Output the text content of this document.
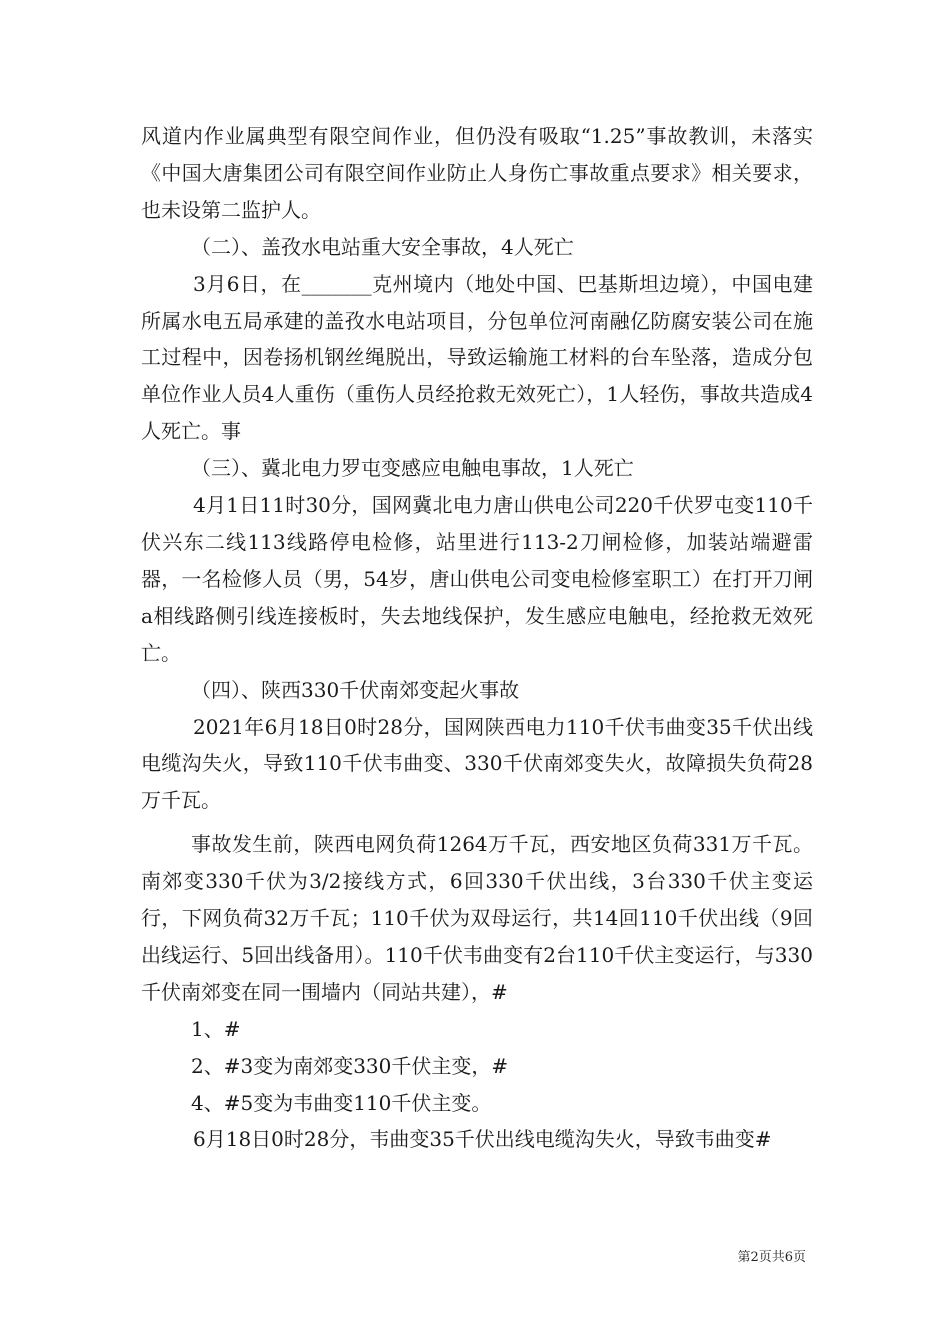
风道内作业属典型有限空间作业，但仍没有吸取“1.25”事故教训，未落实《中国大唐集团公司有限空间作业防止人身伤亡事故重点要求》相关要求，也未设第二监护人。

（二）、盖孜水电站重大安全事故，4人死亡

3月6日，在_______克州境内（地处中国、巴基斯坦边境），中国电建所属水电五局承建的盖孜水电站项目，分包单位河南融亿防腐安装公司在施工过程中，因卷扬机钢丝绳脱出，导致运输施工材料的台车坠落，造成分包单位作业人员4人重伤（重伤人员经抢救无效死亡），1人轻伤，事故共造成4人死亡。事

（三）、冀北电力罗屯变感应电触电事故，1人死亡

4月1日11时30分，国网冀北电力唐山供电公司220千伏罗屯变110千伏兴东二线113线路停电检修，站里进行113-2刀闸检修，加装站端避雷器，一名检修人员（男，54岁，唐山供电公司变电检修室职工）在打开刀闸a相线路侧引线连接板时，失去地线保护，发生感应电触电，经抢救无效死亡。

（四）、陕西330千伏南郊变起火事故

2021年6月18日0时28分，国网陕西电力110千伏韦曲变35千伏出线电缆沟失火，导致110千伏韦曲变、330千伏南郊变失火，故障损失负荷28万千瓦。

事故发生前，陕西电网负荷1264万千瓦，西安地区负荷331万千瓦。南郊变330千伏为3/2接线方式，6回330千伏出线，3台330千伏主变运行，下网负荷32万千瓦；110千伏为双母运行，共14回110千伏出线（9回出线运行、5回出线备用）。110千伏韦曲变有2台110千伏主变运行，与330千伏南郊变在同一围墙内（同站共建），#

1、#

2、#3变为南郊变330千伏主变，#

4、#5变为韦曲变110千伏主变。

6月18日0时28分，韦曲变35千伏出线电缆沟失火，导致韦曲变#

第2页共6页
